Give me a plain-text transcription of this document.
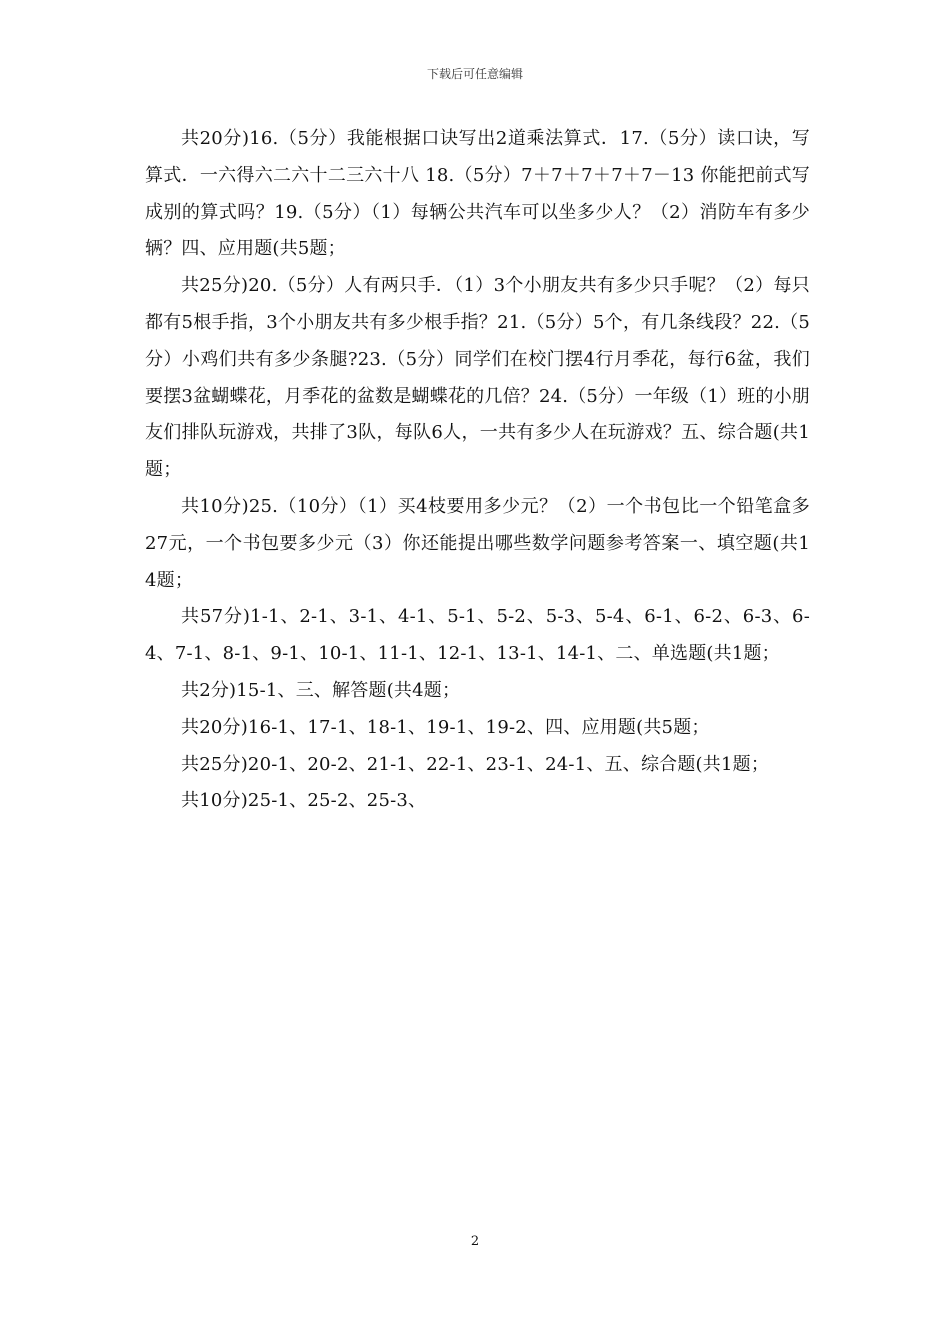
下载后可任意编辑

共20分)16.（5分）我能根据口诀写出2道乘法算式．17.（5分）读口诀，写算式．一六得六二六十二三六十八 18.（5分）7＋7＋7＋7＋7－13 你能把前式写成别的算式吗？19.（5分）（1）每辆公共汽车可以坐多少人？（2）消防车有多少辆？四、应用题(共5题；

共25分)20.（5分）人有两只手．（1）3个小朋友共有多少只手呢？（2）每只都有5根手指，3个小朋友共有多少根手指？21.（5分）5个，有几条线段？22.（5分）小鸡们共有多少条腿?23.（5分）同学们在校门摆4行月季花，每行6盆，我们要摆3盆蝴蝶花，月季花的盆数是蝴蝶花的几倍？24.（5分）一年级（1）班的小朋友们排队玩游戏，共排了3队，每队6人，一共有多少人在玩游戏？五、综合题(共1题；

共10分)25.（10分）（1）买4枝要用多少元？（2）一个书包比一个铅笔盒多27元，一个书包要多少元（3）你还能提出哪些数学问题参考答案一、填空题(共14题；

共57分)1-1、2-1、3-1、4-1、5-1、5-2、5-3、5-4、6-1、6-2、6-3、6-4、7-1、8-1、9-1、10-1、11-1、12-1、13-1、14-1、二、单选题(共1题；

共2分)15-1、三、解答题(共4题；

共20分)16-1、17-1、18-1、19-1、19-2、四、应用题(共5题；

共25分)20-1、20-2、21-1、22-1、23-1、24-1、五、综合题(共1题；

共10分)25-1、25-2、25-3、

2
